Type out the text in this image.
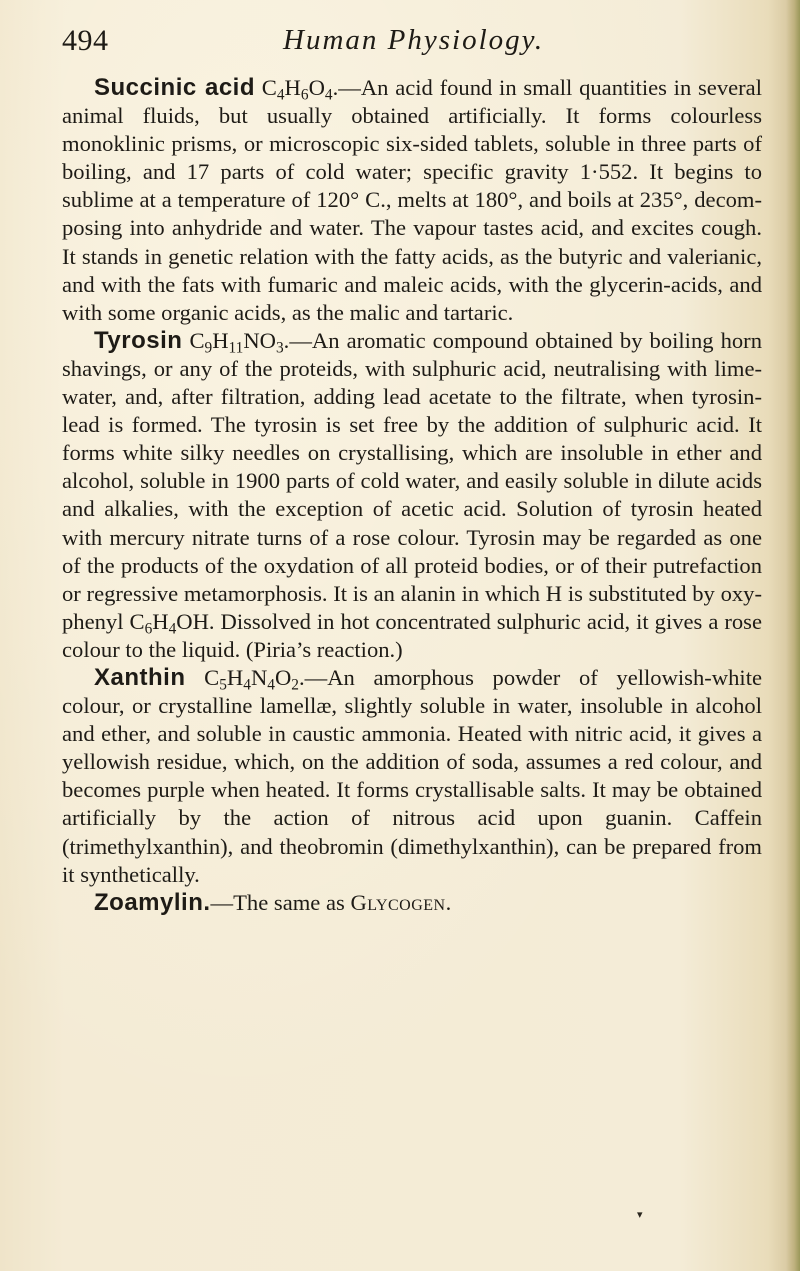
494	Human Physiology.

Succinic acid $C_4H_6O_4.—An$ acid found in small quantities in several animal fluids, but usually obtained artificially. It forms colourless monoklinic prisms, or microscopic six-sided tablets, soluble in three parts of boiling, and 17 parts of cold water; specific gravity 1·552. It begins to sublime at a temperature of 120° C., melts at 180°, and boils at 235°, decomposing into anhydride and water. The vapour tastes acid, and excites cough. It stands in genetic relation with the fatty acids, as the butyric and valerianic, and with the fats with fumaric and maleic acids, with the glycerin-acids, and with some organic acids, as the malic and tartaric.

Tyrosin $C_9H_{11}NO_3.—An$ aromatic compound obtained by boiling horn shavings, or any of the proteids, with sulphuric acid, neutralising with lime-water, and, after filtration, adding lead acetate to the filtrate, when tyrosin-lead is formed. The tyrosin is set free by the addition of sulphuric acid. It forms white silky needles on crystallising, which are insoluble in ether and alcohol, soluble in 1900 parts of cold water, and easily soluble in dilute acids and alkalies, with the exception of acetic acid. Solution of tyrosin heated with mercury nitrate turns of a rose colour. Tyrosin may be regarded as one of the products of the oxydation of all proteid bodies, or of their putrefaction or regressive metamorphosis. It is an alanin in which H is substituted by oxy-phenyl $C_6H_4OH$. Dissolved in hot concentrated sulphuric acid, it gives a rose colour to the liquid. (Piria’s reaction.)

Xanthin $C_5H_4N_4O_2.—An$ amorphous powder of yellowish-white colour, or crystalline lamellæ, slightly soluble in water, insoluble in alcohol and ether, and soluble in caustic ammonia. Heated with nitric acid, it gives a yellowish residue, which, on the addition of soda, assumes a red colour, and becomes purple when heated. It forms crystallisable salts. It may be obtained artificially by the action of nitrous acid upon guanin. Caffein (trimethylxanthin), and theobromin (dimethylxanthin), can be prepared from it synthetically.

Zoamylin.—The same as Glycogen.

▾
